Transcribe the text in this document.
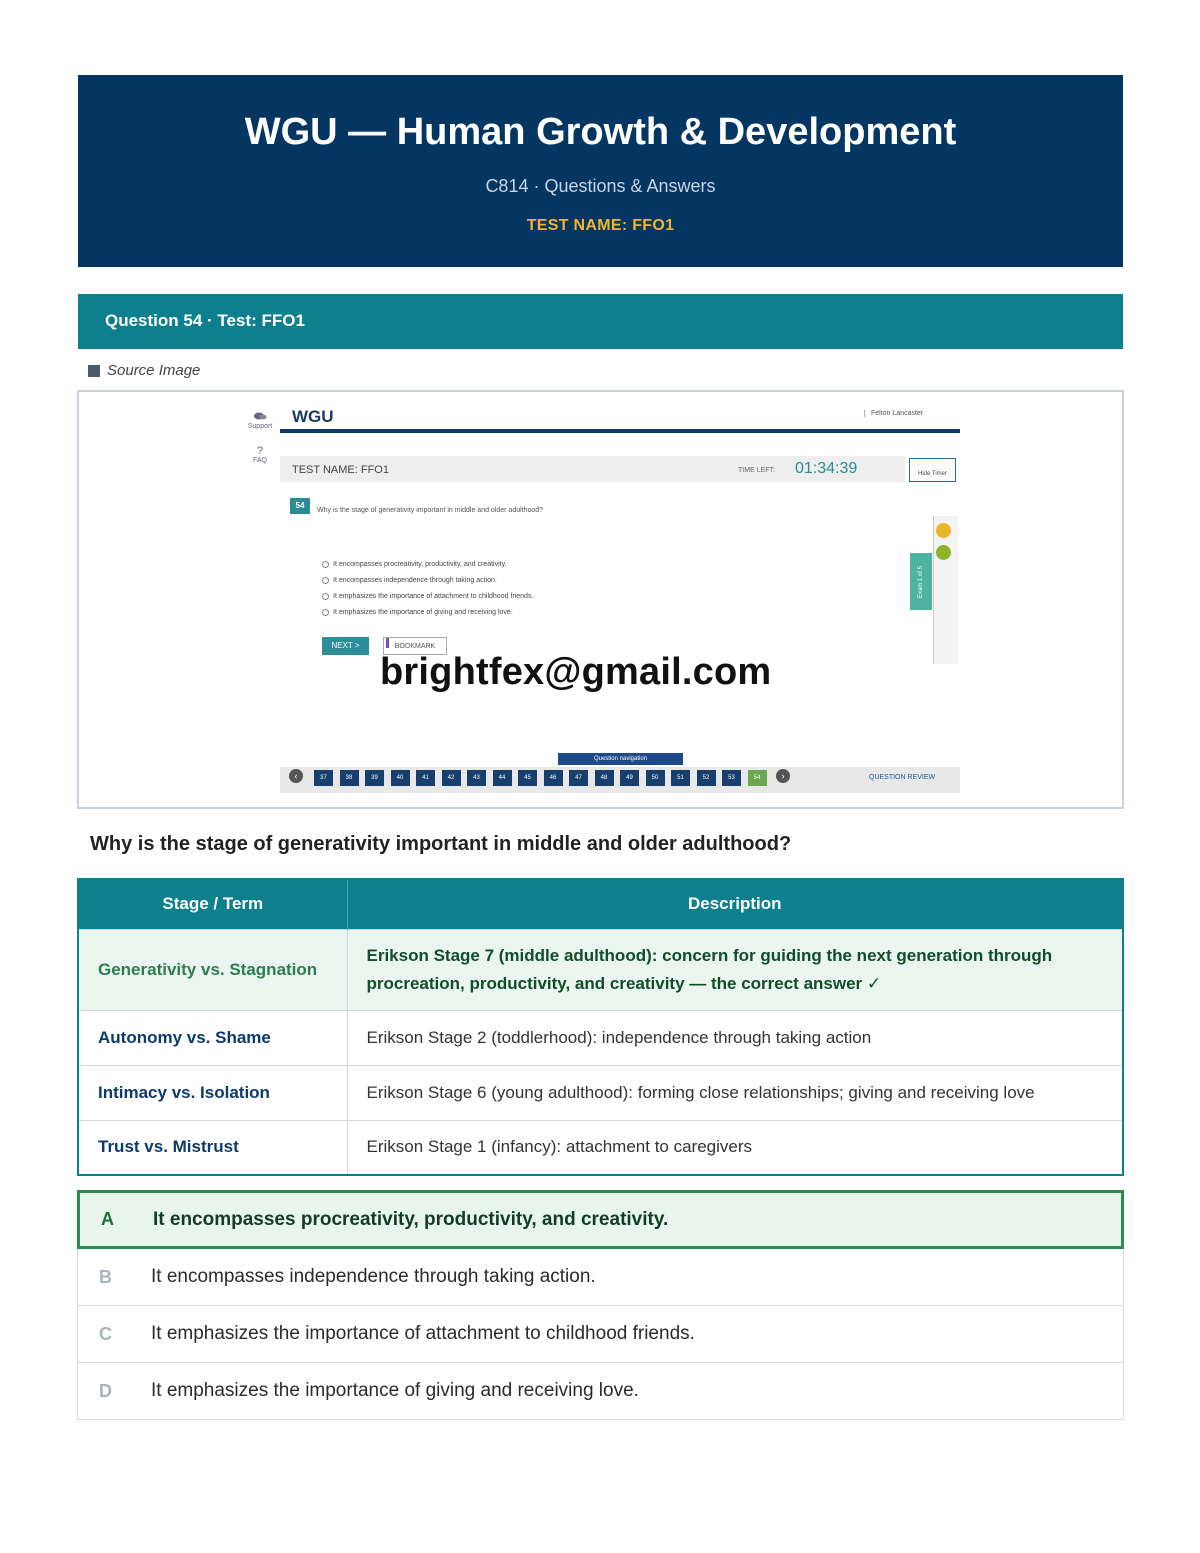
WGU — Human Growth & Development
C814 · Questions & Answers
TEST NAME: FFO1
Question 54 · Test: FFO1
Source Image
Support
?
FAQ
WGU	Felton Lancaster
TEST NAME: FFO1	TIME LEFT: 01:34:39	Hide Timer
54
Why is the stage of generativity important in middle and older adulthood?
It encompasses procreativity, productivity, and creativity.
It encompasses independence through taking action.
It emphasizes the importance of attachment to childhood friends.
It emphasizes the importance of giving and receiving love.
NEXT >	BOOKMARK
brightfex@gmail.com
Exam 1 of 5
Question navigation
‹	37	38	39	40	41	42	43	44	45	46	47	48	49	50	51	52	53	54	›	QUESTION REVIEW
Why is the stage of generativity important in middle and older adulthood?
Stage / Term	Description
Generativity vs. Stagnation	Erikson Stage 7 (middle adulthood): concern for guiding the next generation through procreation, productivity, and creativity — the correct answer ✓
Autonomy vs. Shame	Erikson Stage 2 (toddlerhood): independence through taking action
Intimacy vs. Isolation	Erikson Stage 6 (young adulthood): forming close relationships; giving and receiving love
Trust vs. Mistrust	Erikson Stage 1 (infancy): attachment to caregivers
A	It encompasses procreativity, productivity, and creativity.
B	It encompasses independence through taking action.
C	It emphasizes the importance of attachment to childhood friends.
D	It emphasizes the importance of giving and receiving love.
